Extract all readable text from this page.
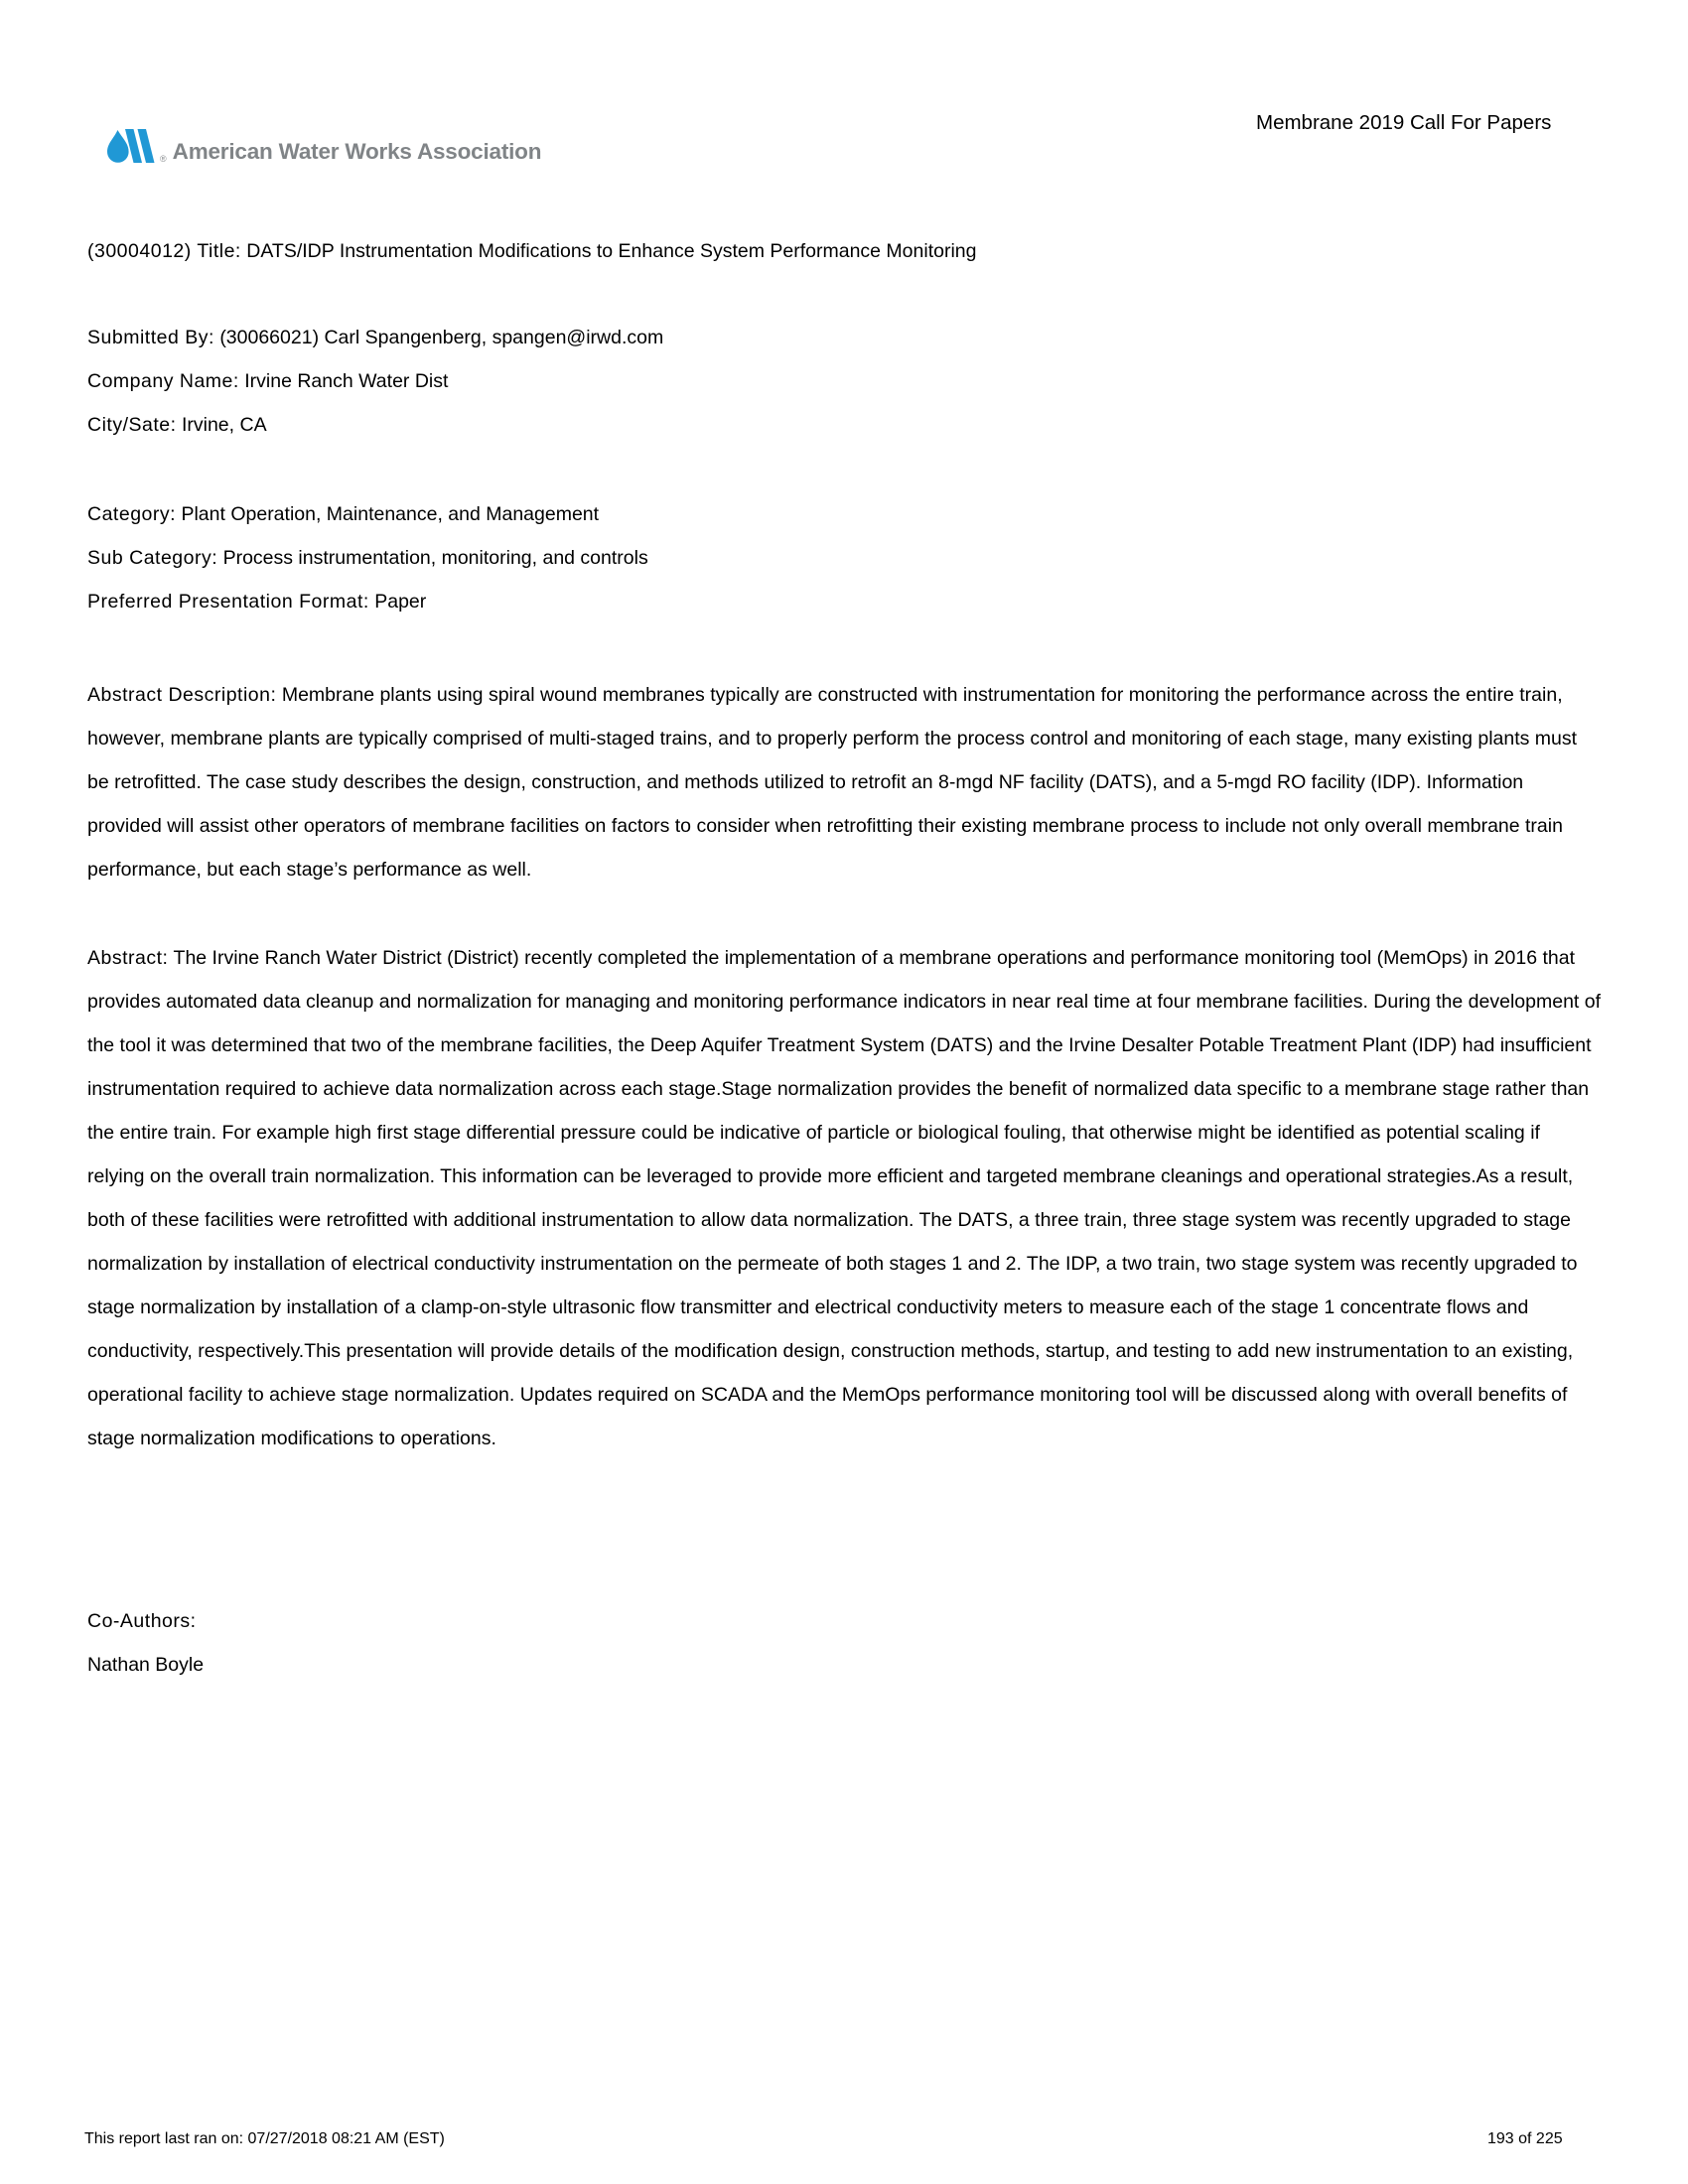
® American Water Works Association
Membrane 2019 Call For Papers

(30004012) Title: DATS/IDP Instrumentation Modifications to Enhance System Performance Monitoring

Submitted By: (30066021) Carl Spangenberg, spangen@irwd.com

Company Name: Irvine Ranch Water Dist

City/Sate: Irvine, CA

Category: Plant Operation, Maintenance, and Management

Sub Category: Process instrumentation, monitoring, and controls

Preferred Presentation Format: Paper

Abstract Description: Membrane plants using spiral wound membranes typically are constructed with instrumentation for monitoring the performance across the entire train, however, membrane plants are typically comprised of multi-staged trains, and to properly perform the process control and monitoring of each stage, many existing plants must be retrofitted. The case study describes the design, construction, and methods utilized to retrofit an 8-mgd NF facility (DATS), and a 5-mgd RO facility (IDP). Information provided will assist other operators of membrane facilities on factors to consider when retrofitting their existing membrane process to include not only overall membrane train performance, but each stage’s performance as well.

Abstract: The Irvine Ranch Water District (District) recently completed the implementation of a membrane operations and performance monitoring tool (MemOps) in 2016 that provides automated data cleanup and normalization for managing and monitoring performance indicators in near real time at four membrane facilities. During the development of the tool it was determined that two of the membrane facilities, the Deep Aquifer Treatment System (DATS) and the Irvine Desalter Potable Treatment Plant (IDP) had insufficient instrumentation required to achieve data normalization across each stage.Stage normalization provides the benefit of normalized data specific to a membrane stage rather than the entire train. For example high first stage differential pressure could be indicative of particle or biological fouling, that otherwise might be identified as potential scaling if relying on the overall train normalization. This information can be leveraged to provide more efficient and targeted membrane cleanings and operational strategies.As a result, both of these facilities were retrofitted with additional instrumentation to allow data normalization. The DATS, a three train, three stage system was recently upgraded to stage normalization by installation of electrical conductivity instrumentation on the permeate of both stages 1 and 2. The IDP, a two train, two stage system was recently upgraded to stage normalization by installation of a clamp-on-style ultrasonic flow transmitter and electrical conductivity meters to measure each of the stage 1 concentrate flows and conductivity, respectively.This presentation will provide details of the modification design, construction methods, startup, and testing to add new instrumentation to an existing, operational facility to achieve stage normalization. Updates required on SCADA and the MemOps performance monitoring tool will be discussed along with overall benefits of stage normalization modifications to operations.

Co-Authors:

Nathan Boyle

This report last ran on: 07/27/2018 08:21 AM (EST)	193 of 225
